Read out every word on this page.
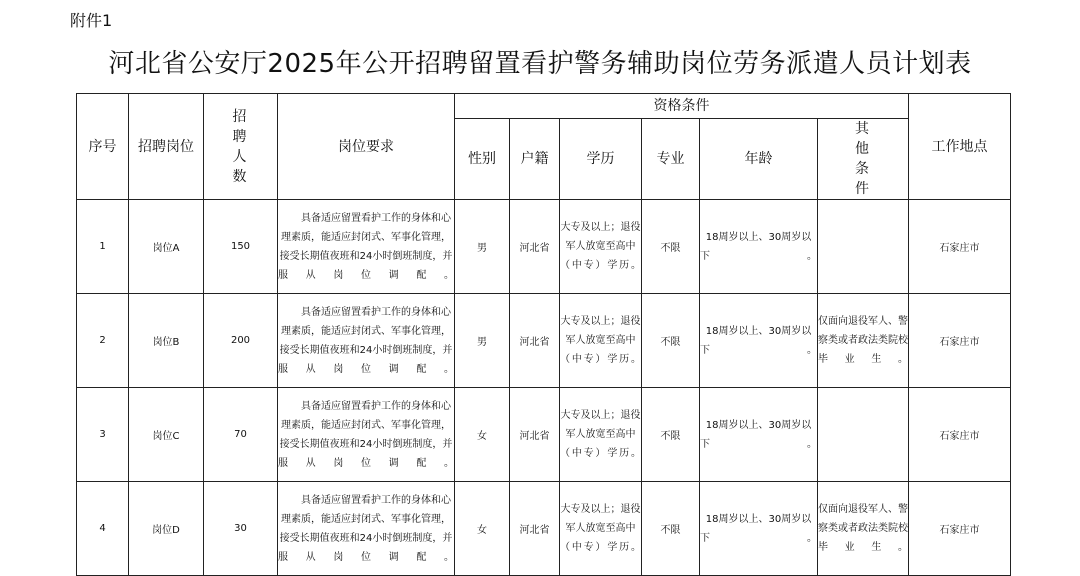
附件1
河北省公安厅2025年公开招聘留置看护警务辅助岗位劳务派遣人员计划表
序号	招聘岗位	招聘人数	岗位要求	资格条件						工作地点
				性别	户籍	学历	专业	年龄	其他条件	

1	岗位A	150	具备适应留置看护工作的身体和心理素质，能适应封闭式、军事化管理，接受长期值夜班和24小时倒班制度，并服从岗位调配。	男	河北省	大专及以上；退役军人放宽至高中（中专）学历。	不限	18周岁以上、30周岁以下。		石家庄市
2	岗位B	200	具备适应留置看护工作的身体和心理素质，能适应封闭式、军事化管理，接受长期值夜班和24小时倒班制度，并服从岗位调配。	男	河北省	大专及以上；退役军人放宽至高中（中专）学历。	不限	18周岁以上、30周岁以下。	仅面向退役军人、警察类或者政法类院校毕业生。	石家庄市
3	岗位C	70	具备适应留置看护工作的身体和心理素质，能适应封闭式、军事化管理，接受长期值夜班和24小时倒班制度，并服从岗位调配。	女	河北省	大专及以上；退役军人放宽至高中（中专）学历。	不限	18周岁以上、30周岁以下。		石家庄市
4	岗位D	30	具备适应留置看护工作的身体和心理素质，能适应封闭式、军事化管理，接受长期值夜班和24小时倒班制度，并服从岗位调配。	女	河北省	大专及以上；退役军人放宽至高中（中专）学历。	不限	18周岁以上、30周岁以下。	仅面向退役军人、警察类或者政法类院校毕业生。	石家庄市
